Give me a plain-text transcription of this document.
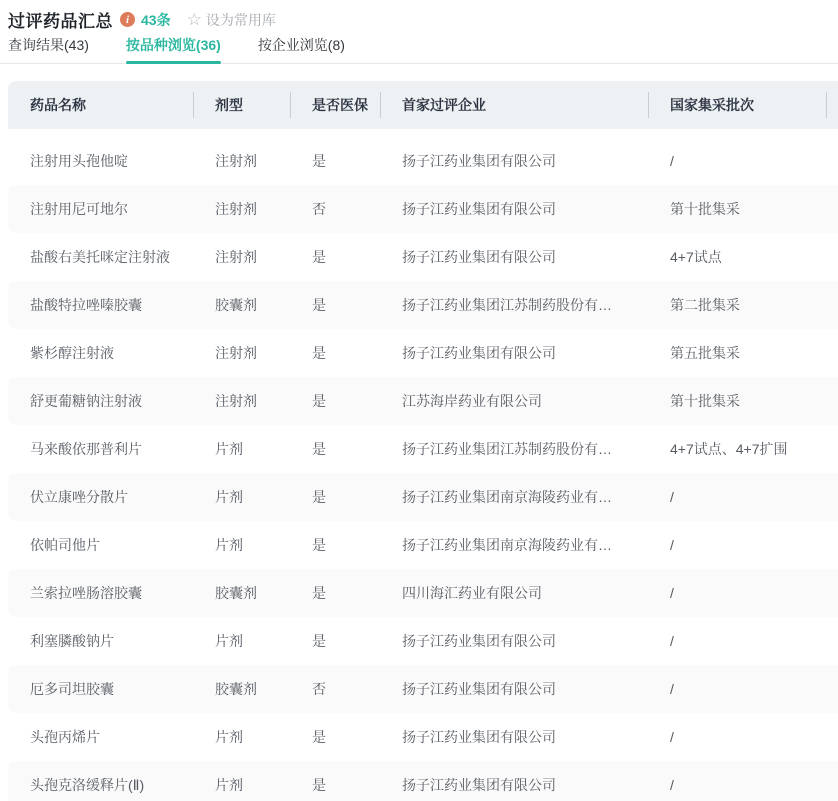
过评药品汇总	i 43条 ☆ 设为常用库
查询结果(43)	按品种浏览(36)	按企业浏览(8)
药品名称	剂型	是否医保	首家过评企业	国家集采批次
注射用头孢他啶	注射剂	是	扬子江药业集团有限公司	/
注射用尼可地尔	注射剂	否	扬子江药业集团有限公司	第十批集采
盐酸右美托咪定注射液	注射剂	是	扬子江药业集团有限公司	4+7试点
盐酸特拉唑嗪胶囊	胶囊剂	是	扬子江药业集团江苏制药股份有…	第二批集采
紫杉醇注射液	注射剂	是	扬子江药业集团有限公司	第五批集采
舒更葡糖钠注射液	注射剂	是	江苏海岸药业有限公司	第十批集采
马来酸依那普利片	片剂	是	扬子江药业集团江苏制药股份有…	4+7试点、4+7扩围
伏立康唑分散片	片剂	是	扬子江药业集团南京海陵药业有…	/
依帕司他片	片剂	是	扬子江药业集团南京海陵药业有…	/
兰索拉唑肠溶胶囊	胶囊剂	是	四川海汇药业有限公司	/
利塞膦酸钠片	片剂	是	扬子江药业集团有限公司	/
厄多司坦胶囊	胶囊剂	否	扬子江药业集团有限公司	/
头孢丙烯片	片剂	是	扬子江药业集团有限公司	/
头孢克洛缓释片(Ⅱ)	片剂	是	扬子江药业集团有限公司	/
